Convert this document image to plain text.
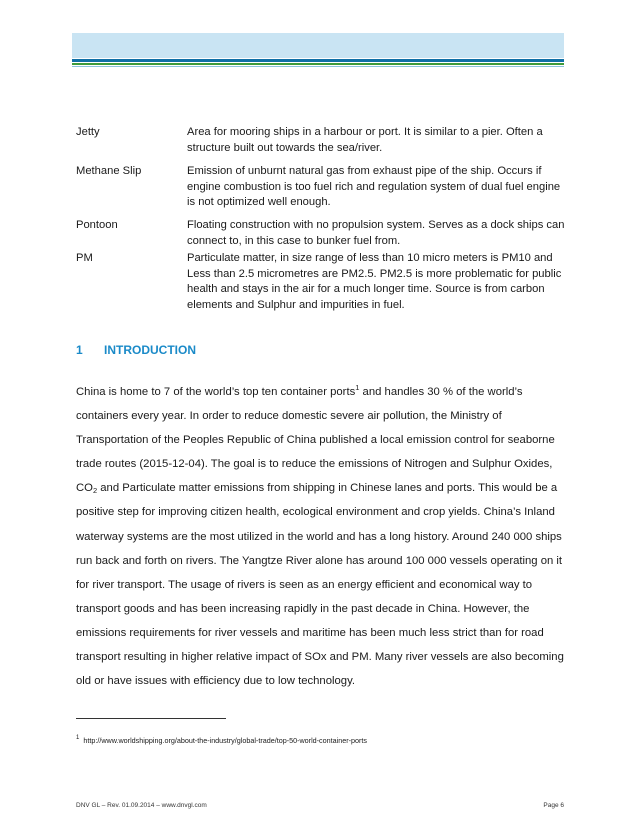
Jetty	Area for mooring ships in a harbour or port. It is similar to a pier. Often a structure built out towards the sea/river.
Methane Slip	Emission of unburnt natural gas from exhaust pipe of the ship. Occurs if engine combustion is too fuel rich and regulation system of dual fuel engine is not optimized well enough.
Pontoon	Floating construction with no propulsion system. Serves as a dock ships can connect to, in this case to bunker fuel from.
PM	Particulate matter, in size range of less than 10 micro meters is PM10 and Less than 2.5 micrometres are PM2.5. PM2.5 is more problematic for public health and stays in the air for a much longer time. Source is from carbon elements and Sulphur and impurities in fuel.
1 INTRODUCTION

China is home to 7 of the world’s top ten container ports$^1$ and handles 30 % of the world’s containers every year. In order to reduce domestic severe air pollution, the Ministry of Transportation of the Peoples Republic of China published a local emission control for seaborne trade routes (2015-12-04). The goal is to reduce the emissions of Nitrogen and Sulphur Oxides, $CO_2$ and Particulate matter emissions from shipping in Chinese lanes and ports. This would be a positive step for improving citizen health, ecological environment and crop yields. China’s Inland waterway systems are the most utilized in the world and has a long history. Around 240 000 ships run back and forth on rivers. The Yangtze River alone has around 100 000 vessels operating on it for river transport. The usage of rivers is seen as an energy efficient and economical way to transport goods and has been increasing rapidly in the past decade in China. However, the emissions requirements for river vessels and maritime has been much less strict than for road transport resulting in higher relative impact of SOx and PM. Many river vessels are also becoming old or have issues with efficiency due to low technology.

$^1$ http://www.worldshipping.org/about-the-industry/global-trade/top-50-world-container-ports
DNV GL – Rev. 01.09.2014 – www.dnvgl.com	Page 6
